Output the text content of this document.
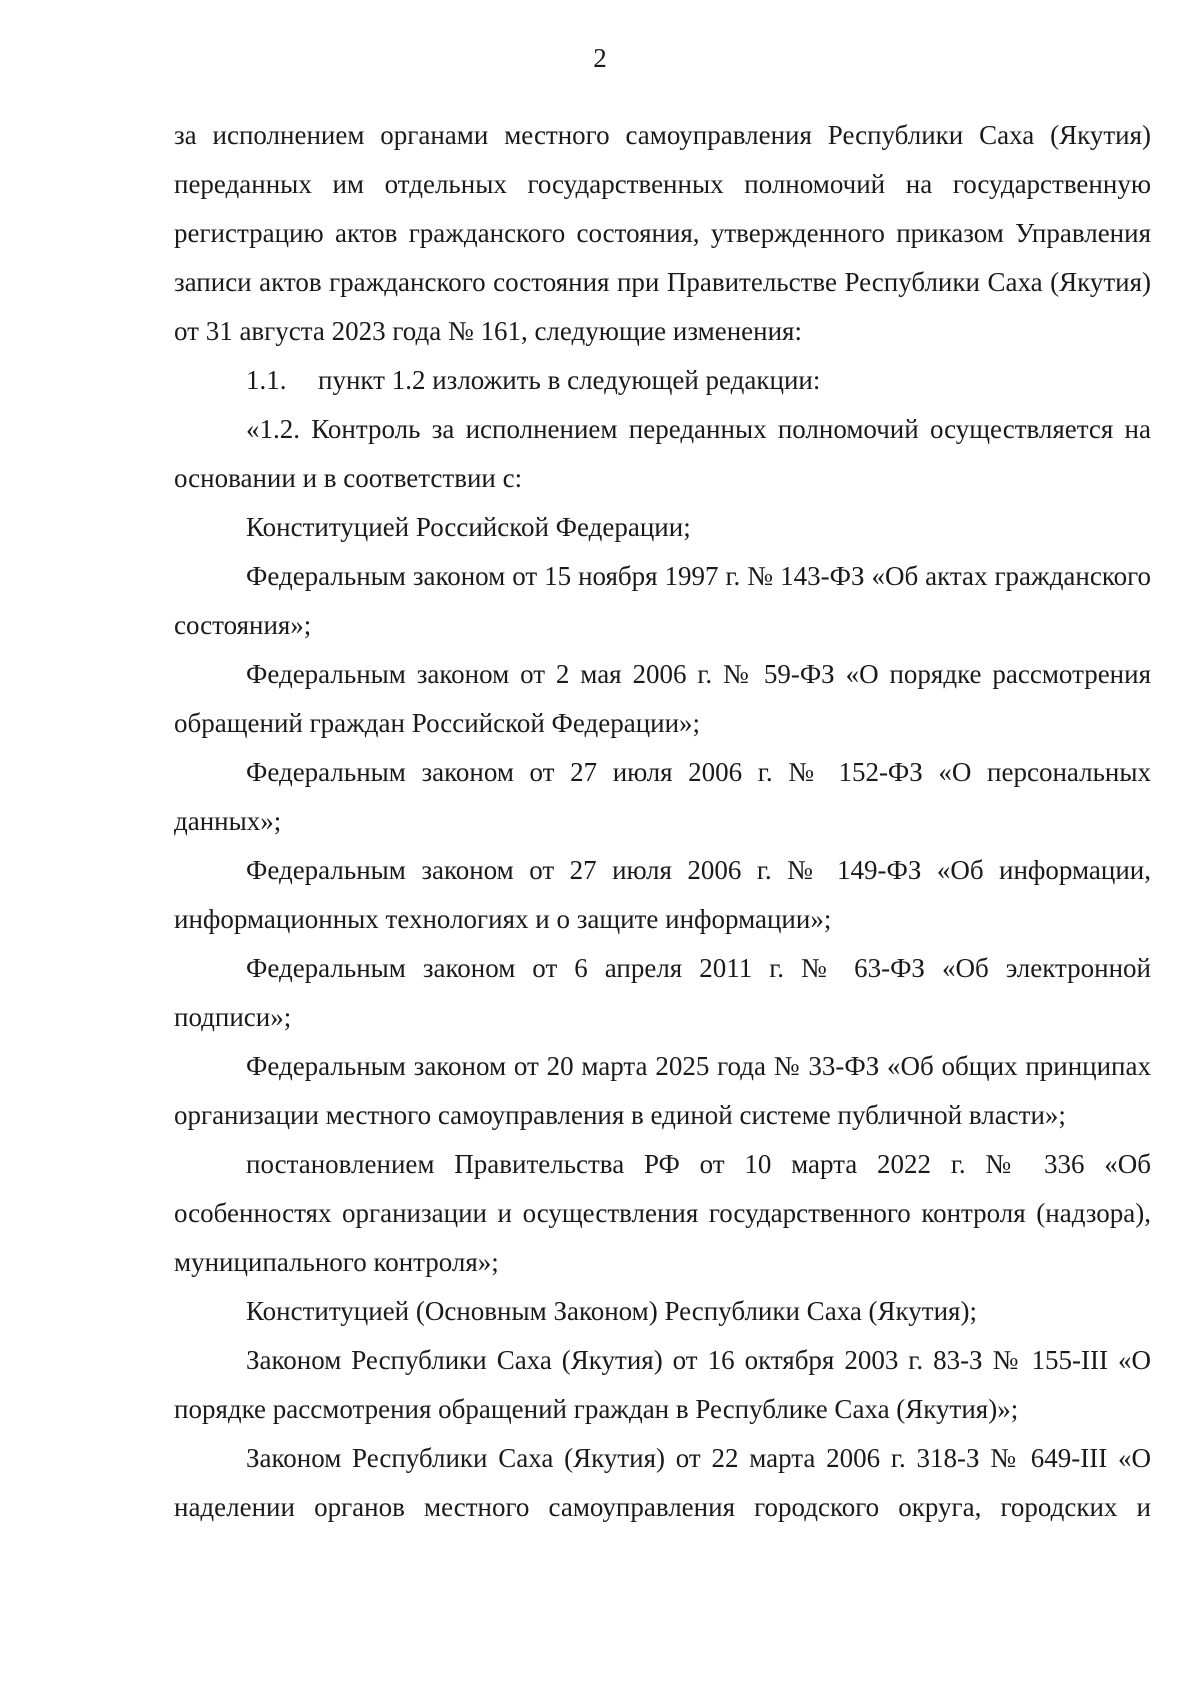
2

за исполнением органами местного самоуправления Республики Саха (Якутия) переданных им отдельных государственных полномочий на государственную регистрацию актов гражданского состояния, утвержденного приказом Управления записи актов гражданского состояния при Правительстве Республики Саха (Якутия) от 31 августа 2023 года № 161, следующие изменения:

1.1. пункт 1.2 изложить в следующей редакции:

«1.2. Контроль за исполнением переданных полномочий осуществляется на основании и в соответствии с:

Конституцией Российской Федерации;

Федеральным законом от 15 ноября 1997 г. № 143-ФЗ «Об актах гражданского состояния»;

Федеральным законом от 2 мая 2006 г. № 59-ФЗ «О порядке рассмотрения обращений граждан Российской Федерации»;

Федеральным законом от 27 июля 2006 г. № 152-ФЗ «О персональных данных»;

Федеральным законом от 27 июля 2006 г. № 149-ФЗ «Об информации, информационных технологиях и о защите информации»;

Федеральным законом от 6 апреля 2011 г. № 63-ФЗ «Об электронной подписи»;

Федеральным законом от 20 марта 2025 года № 33-ФЗ «Об общих принципах организации местного самоуправления в единой системе публичной власти»;

постановлением Правительства РФ от 10 марта 2022 г. № 336 «Об особенностях организации и осуществления государственного контроля (надзора), муниципального контроля»;

Конституцией (Основным Законом) Республики Саха (Якутия);

Законом Республики Саха (Якутия) от 16 октября 2003 г. 83-З № 155-III «О порядке рассмотрения обращений граждан в Республике Саха (Якутия)»;

Законом Республики Саха (Якутия) от 22 марта 2006 г. 318-З № 649-III «О наделении органов местного самоуправления городского округа, городских и
